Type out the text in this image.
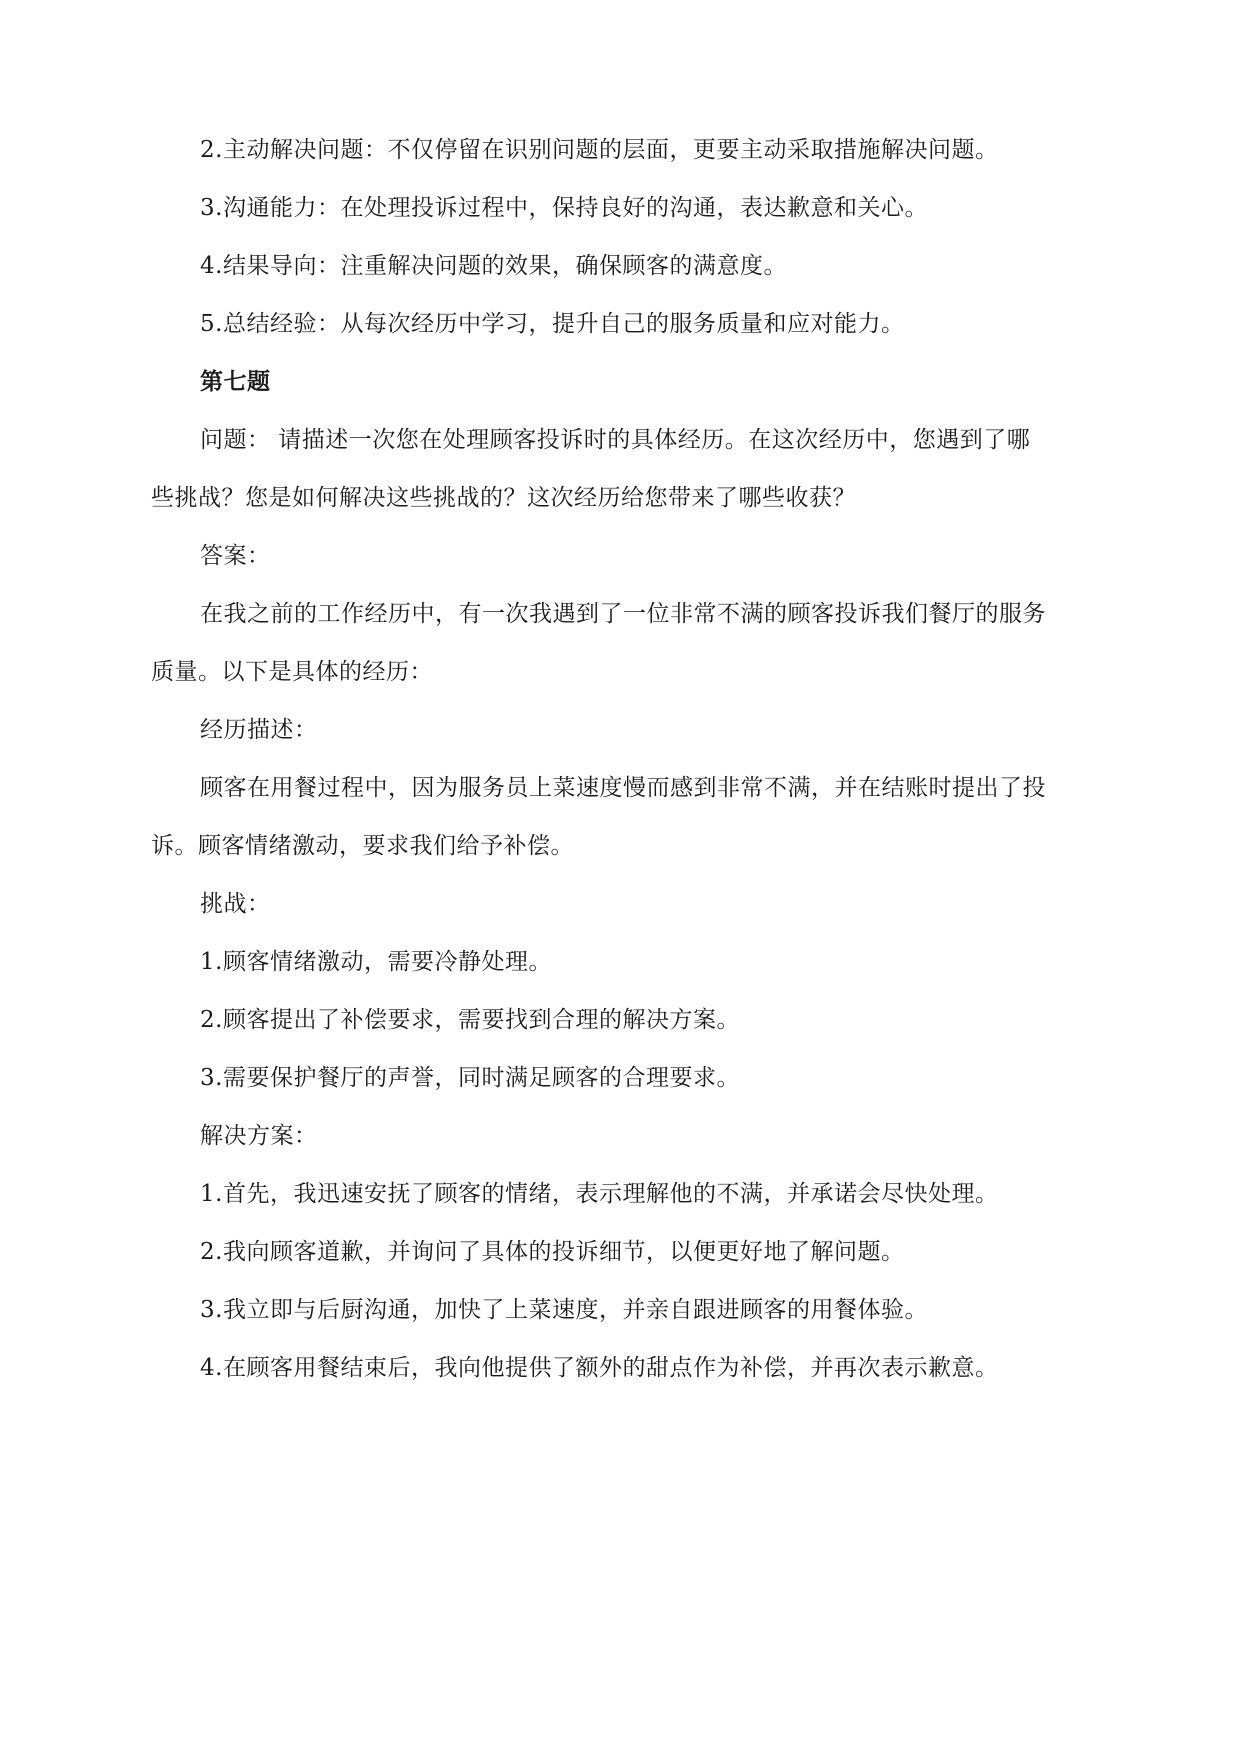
2.主动解决问题：不仅停留在识别问题的层面，更要主动采取措施解决问题。
3.沟通能力：在处理投诉过程中，保持良好的沟通，表达歉意和关心。
4.结果导向：注重解决问题的效果，确保顾客的满意度。
5.总结经验：从每次经历中学习，提升自己的服务质量和应对能力。
第七题
问题： 请描述一次您在处理顾客投诉时的具体经历。在这次经历中，您遇到了哪
些挑战？您是如何解决这些挑战的？这次经历给您带来了哪些收获？
答案：
在我之前的工作经历中，有一次我遇到了一位非常不满的顾客投诉我们餐厅的服务
质量。以下是具体的经历：
经历描述：
顾客在用餐过程中，因为服务员上菜速度慢而感到非常不满，并在结账时提出了投
诉。顾客情绪激动，要求我们给予补偿。
挑战：
1.顾客情绪激动，需要冷静处理。
2.顾客提出了补偿要求，需要找到合理的解决方案。
3.需要保护餐厅的声誉，同时满足顾客的合理要求。
解决方案：
1.首先，我迅速安抚了顾客的情绪，表示理解他的不满，并承诺会尽快处理。
2.我向顾客道歉，并询问了具体的投诉细节，以便更好地了解问题。
3.我立即与后厨沟通，加快了上菜速度，并亲自跟进顾客的用餐体验。
4.在顾客用餐结束后，我向他提供了额外的甜点作为补偿，并再次表示歉意。
